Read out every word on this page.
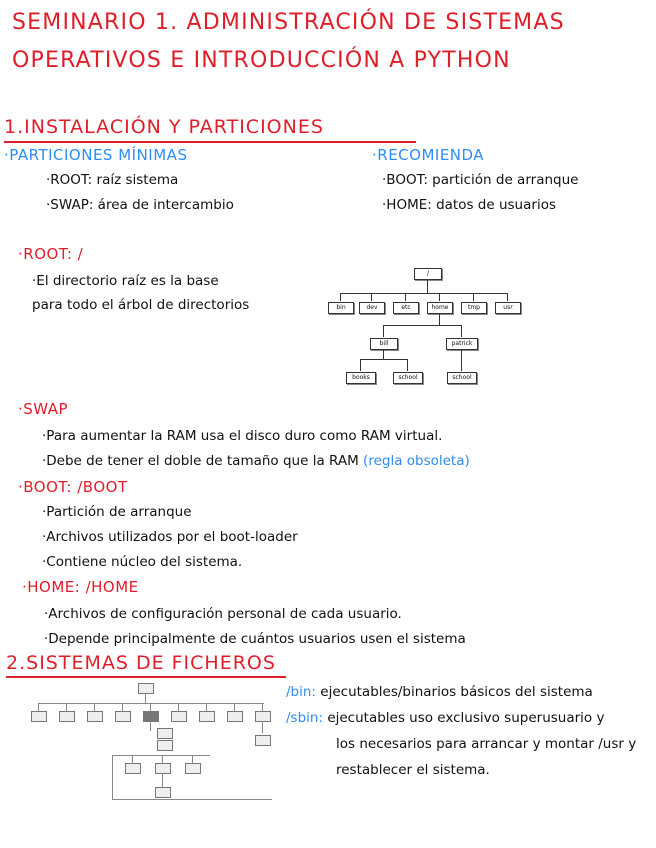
SEMINARIO 1. ADMINISTRACIÓN DE SISTEMAS
OPERATIVOS E INTRODUCCIÓN A PYTHON
1.INSTALACIÓN Y PARTICIONES
·PARTICIONES MÍNIMAS
·ROOT: raíz sistema
·SWAP: área de intercambio
·RECOMIENDA
·BOOT: partición de arranque
·HOME: datos de usuarios
·ROOT: /
·El directorio raíz es la base
para todo el árbol de directorios
/
bin	dev	etc	home	tmp	usr
bill	patrick
books	school	school
·SWAP
·Para aumentar la RAM usa el disco duro como RAM virtual.
·Debe de tener el doble de tamaño que la RAM (regla obsoleta)
·BOOT: /BOOT
·Partición de arranque
·Archivos utilizados por el boot-loader
·Contiene núcleo del sistema.
·HOME: /HOME
·Archivos de configuración personal de cada usuario.
·Depende principalmente de cuántos usuarios usen el sistema
2.SISTEMAS DE FICHEROS
/bin: ejecutables/binarios básicos del sistema
/sbin: ejecutables uso exclusivo superusuario y
los necesarios para arrancar y montar /usr y
restablecer el sistema.
